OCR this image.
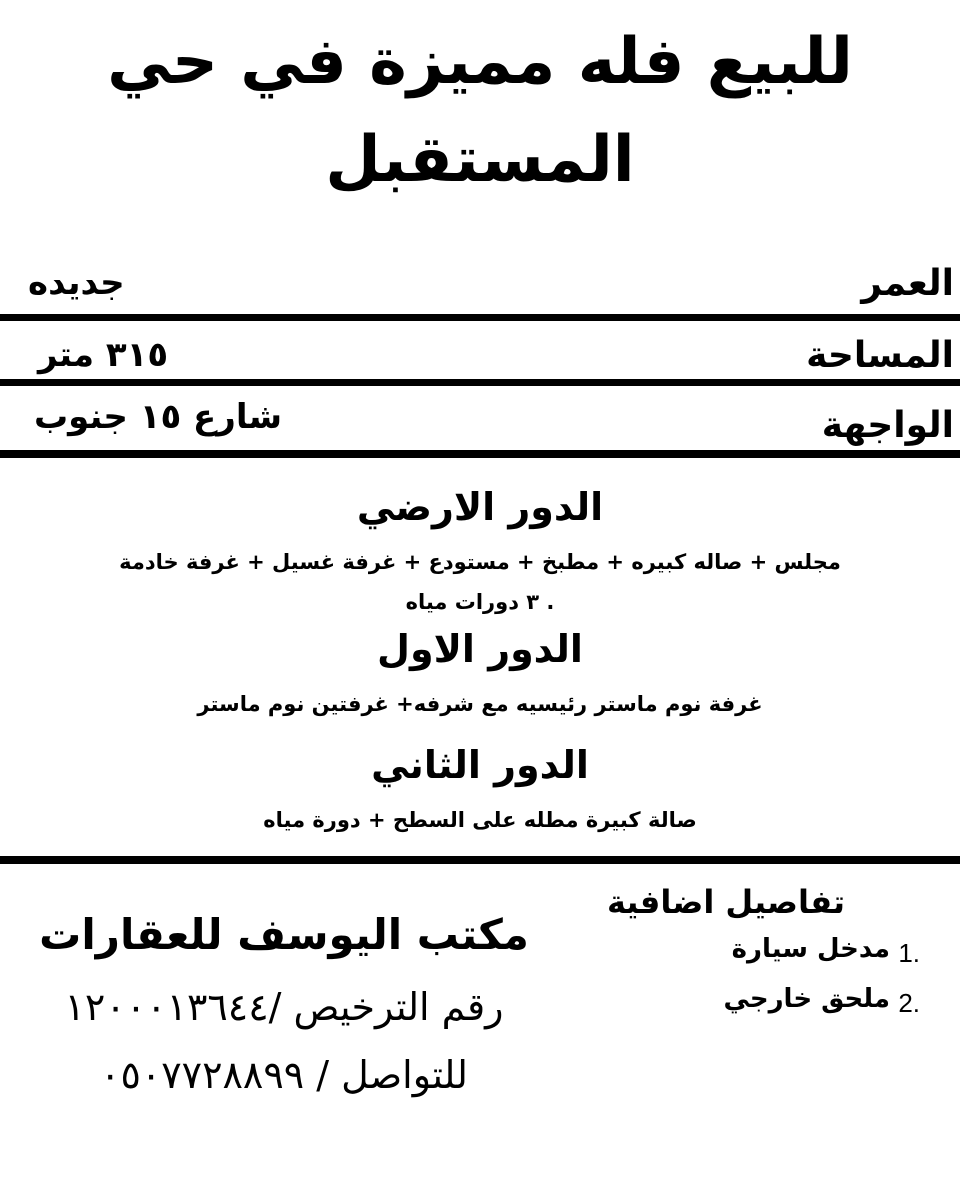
للبيع فله مميزة في حي
المستقبل
العمر
جديده
المساحة
٣١٥ متر
الواجهة
شارع ١٥ جنوب
الدور الارضي
مجلس + صاله كبيره + مطبخ + مستودع + غرفة غسيل + غرفة خادمة
. ٣ دورات مياه
الدور الاول
غرفة نوم ماستر رئيسيه مع شرفه+ غرفتين نوم ماستر
الدور الثاني
صالة كبيرة مطله على السطح + دورة مياه
تفاصيل اضافية
1.
مدخل سيارة
2.
ملحق خارجي
مكتب اليوسف للعقارات
رقم الترخيص /١٢٠٠٠١٣٦٤٤
للتواصل / ٠٥٠٧٧٢٨٨٩٩
